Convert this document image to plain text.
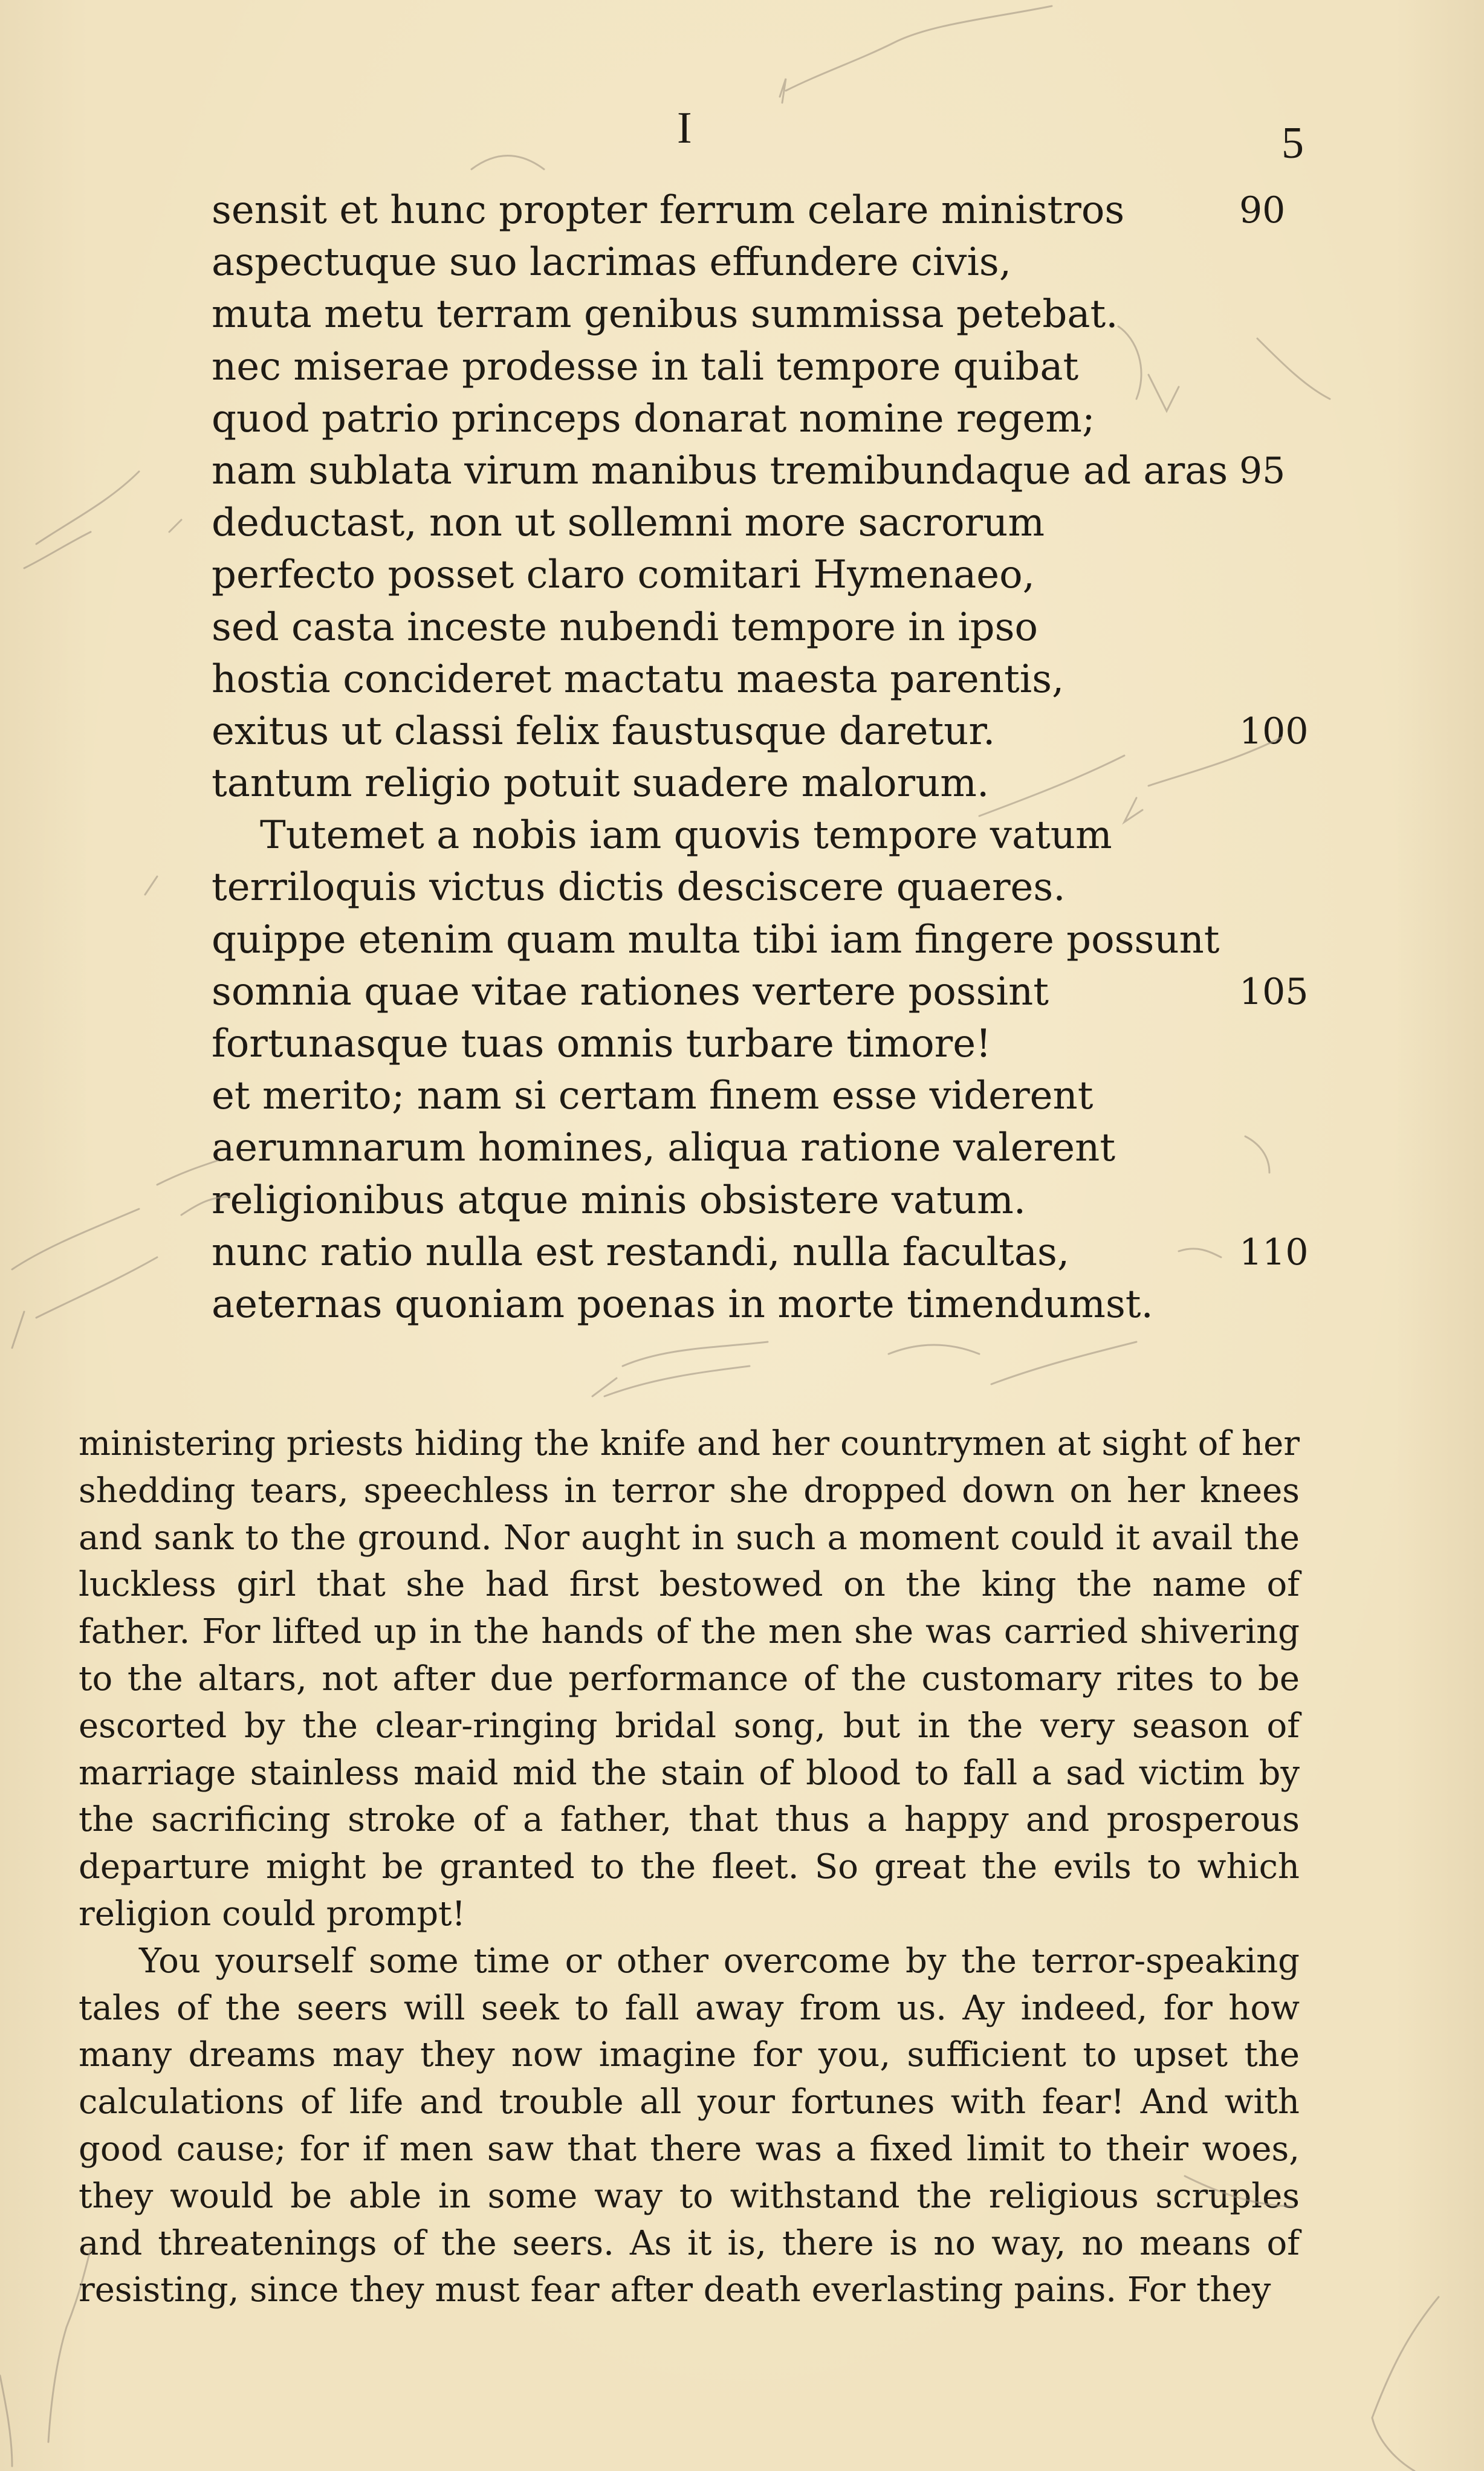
I	5
sensit et hunc propter ferrum celare ministros	90
aspectuque suo lacrimas effundere civis,
muta metu terram genibus summissa petebat.
nec miserae prodesse in tali tempore quibat
quod patrio princeps donarat nomine regem;
nam sublata virum manibus tremibundaque ad aras 95
deductast, non ut sollemni more sacrorum
perfecto posset claro comitari Hymenaeo,
sed casta inceste nubendi tempore in ipso
hostia concideret mactatu maesta parentis,
exitus ut classi felix faustusque daretur.	100
tantum religio potuit suadere malorum.
Tutemet a nobis iam quovis tempore vatum
terriloquis victus dictis desciscere quaeres.
quippe etenim quam multa tibi iam fingere possunt
somnia quae vitae rationes vertere possint	105
fortunasque tuas omnis turbare timore!
et merito; nam si certam finem esse viderent
aerumnarum homines, aliqua ratione valerent
religionibus atque minis obsistere vatum.
nunc ratio nulla est restandi, nulla facultas,	110
aeternas quoniam poenas in morte timendumst.

ministering priests hiding the knife and her countrymen at sight of her shedding tears, speechless in terror she dropped down on her knees and sank to the ground. Nor aught in such a moment could it avail the luckless girl that she had first bestowed on the king the name of father. For lifted up in the hands of the men she was carried shivering to the altars, not after due performance of the customary rites to be escorted by the clear-ringing bridal song, but in the very season of marriage stainless maid mid the stain of blood to fall a sad victim by the sacrificing stroke of a father, that thus a happy and prosperous departure might be granted to the fleet. So great the evils to which religion could prompt!

You yourself some time or other overcome by the terror-speaking tales of the seers will seek to fall away from us. Ay indeed, for how many dreams may they now imagine for you, sufficient to upset the calculations of life and trouble all your fortunes with fear! And with good cause; for if men saw that there was a fixed limit to their woes, they would be able in some way to withstand the religious scruples and threatenings of the seers. As it is, there is no way, no means of resisting, since they must fear after death everlasting pains. For they
